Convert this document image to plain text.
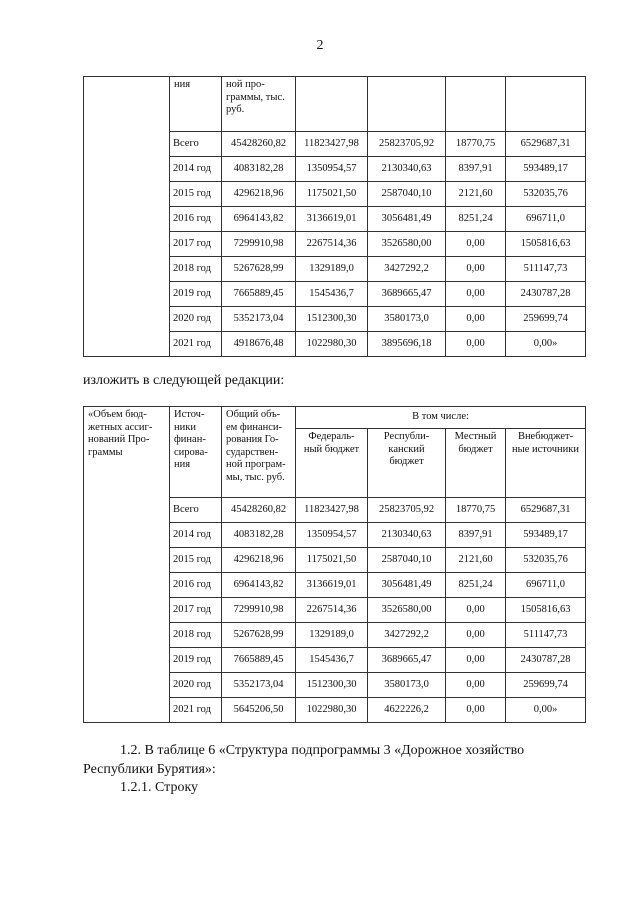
2
	ния	ной про-граммы, тыс. руб.				
	Всего	45428260,82	11823427,98	25823705,92	18770,75	6529687,31
	2014 год	4083182,28	1350954,57	2130340,63	8397,91	593489,17
	2015 год	4296218,96	1175021,50	2587040,10	2121,60	532035,76
	2016 год	6964143,82	3136619,01	3056481,49	8251,24	696711,0
	2017 год	7299910,98	2267514,36	3526580,00	0,00	1505816,63
	2018 год	5267628,99	1329189,0	3427292,2	0,00	511147,73
	2019 год	7665889,45	1545436,7	3689665,47	0,00	2430787,28
	2020 год	5352173,04	1512300,30	3580173,0	0,00	259699,74
	2021 год	4918676,48	1022980,30	3895696,18	0,00	0,00»
изложить в следующей редакции:
«Объем бюд-жетных ассиг-нований Про-граммы	Источ-ники финан-сирова-ния	Общий объ-ем финанси-рования Го-сударствен-ной програм-мы, тыс. руб.	В том числе:			
			Федераль-ный бюджет	Республи-канский бюджет	Местный бюджет	Внебюджет-ные источники
	Всего	45428260,82	11823427,98	25823705,92	18770,75	6529687,31
	2014 год	4083182,28	1350954,57	2130340,63	8397,91	593489,17
	2015 год	4296218,96	1175021,50	2587040,10	2121,60	532035,76
	2016 год	6964143,82	3136619,01	3056481,49	8251,24	696711,0
	2017 год	7299910,98	2267514,36	3526580,00	0,00	1505816,63
	2018 год	5267628,99	1329189,0	3427292,2	0,00	511147,73
	2019 год	7665889,45	1545436,7	3689665,47	0,00	2430787,28
	2020 год	5352173,04	1512300,30	3580173,0	0,00	259699,74
	2021 год	5645206,50	1022980,30	4622226,2	0,00	0,00»
1.2. В таблице 6 «Структура подпрограммы 3 «Дорожное хозяйство
Республики Бурятия»:
1.2.1. Строку
